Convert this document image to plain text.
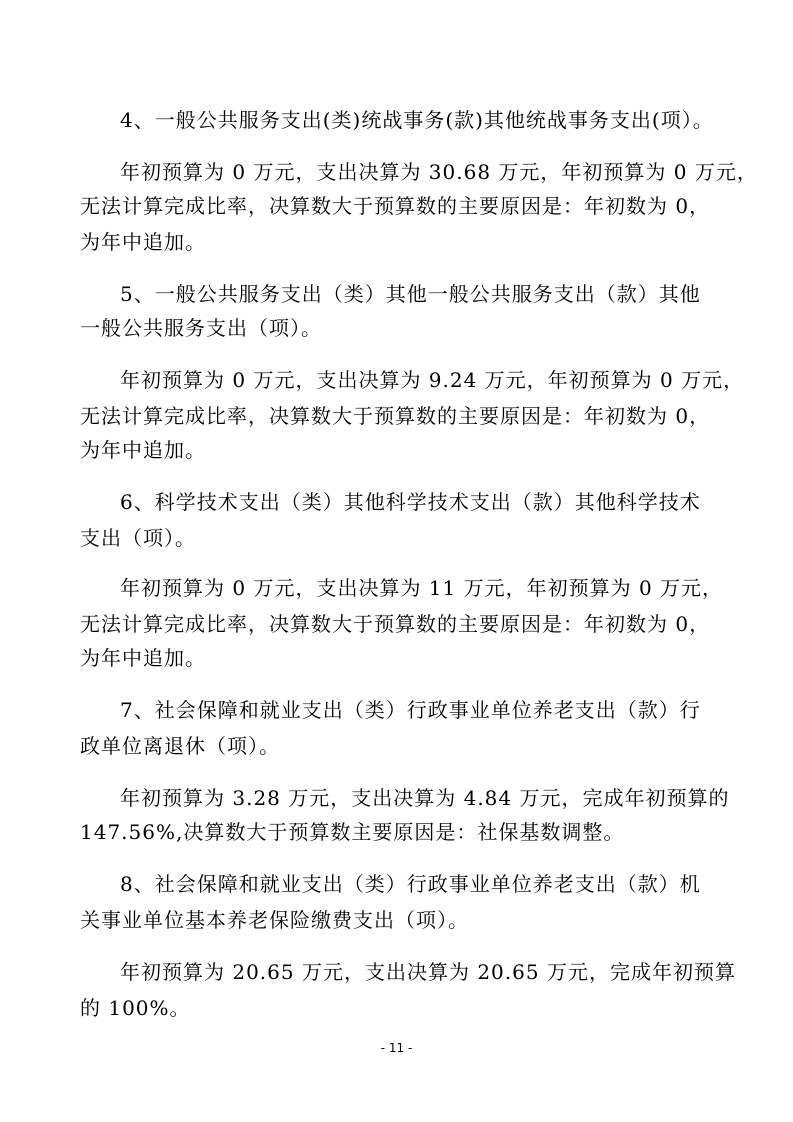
4、一般公共服务支出(类)统战事务(款)其他统战事务支出(项）。
年初预算为 0 万元，支出决算为 30.68 万元，年初预算为 0 万元，
无法计算完成比率，决算数大于预算数的主要原因是：年初数为 0，
为年中追加。
5、一般公共服务支出（类）其他一般公共服务支出（款）其他
一般公共服务支出（项）。
年初预算为 0 万元，支出决算为 9.24 万元，年初预算为 0 万元，
无法计算完成比率，决算数大于预算数的主要原因是：年初数为 0，
为年中追加。
6、科学技术支出（类）其他科学技术支出（款）其他科学技术
支出（项）。
年初预算为 0 万元，支出决算为 11 万元，年初预算为 0 万元，
无法计算完成比率，决算数大于预算数的主要原因是：年初数为 0，
为年中追加。
7、社会保障和就业支出（类）行政事业单位养老支出（款）行
政单位离退休（项）。
年初预算为 3.28 万元，支出决算为 4.84 万元，完成年初预算的
147.56%,决算数大于预算数主要原因是：社保基数调整。
8、社会保障和就业支出（类）行政事业单位养老支出（款）机
关事业单位基本养老保险缴费支出（项）。
年初预算为 20.65 万元，支出决算为 20.65 万元，完成年初预算
的 100%。
- 11 -
